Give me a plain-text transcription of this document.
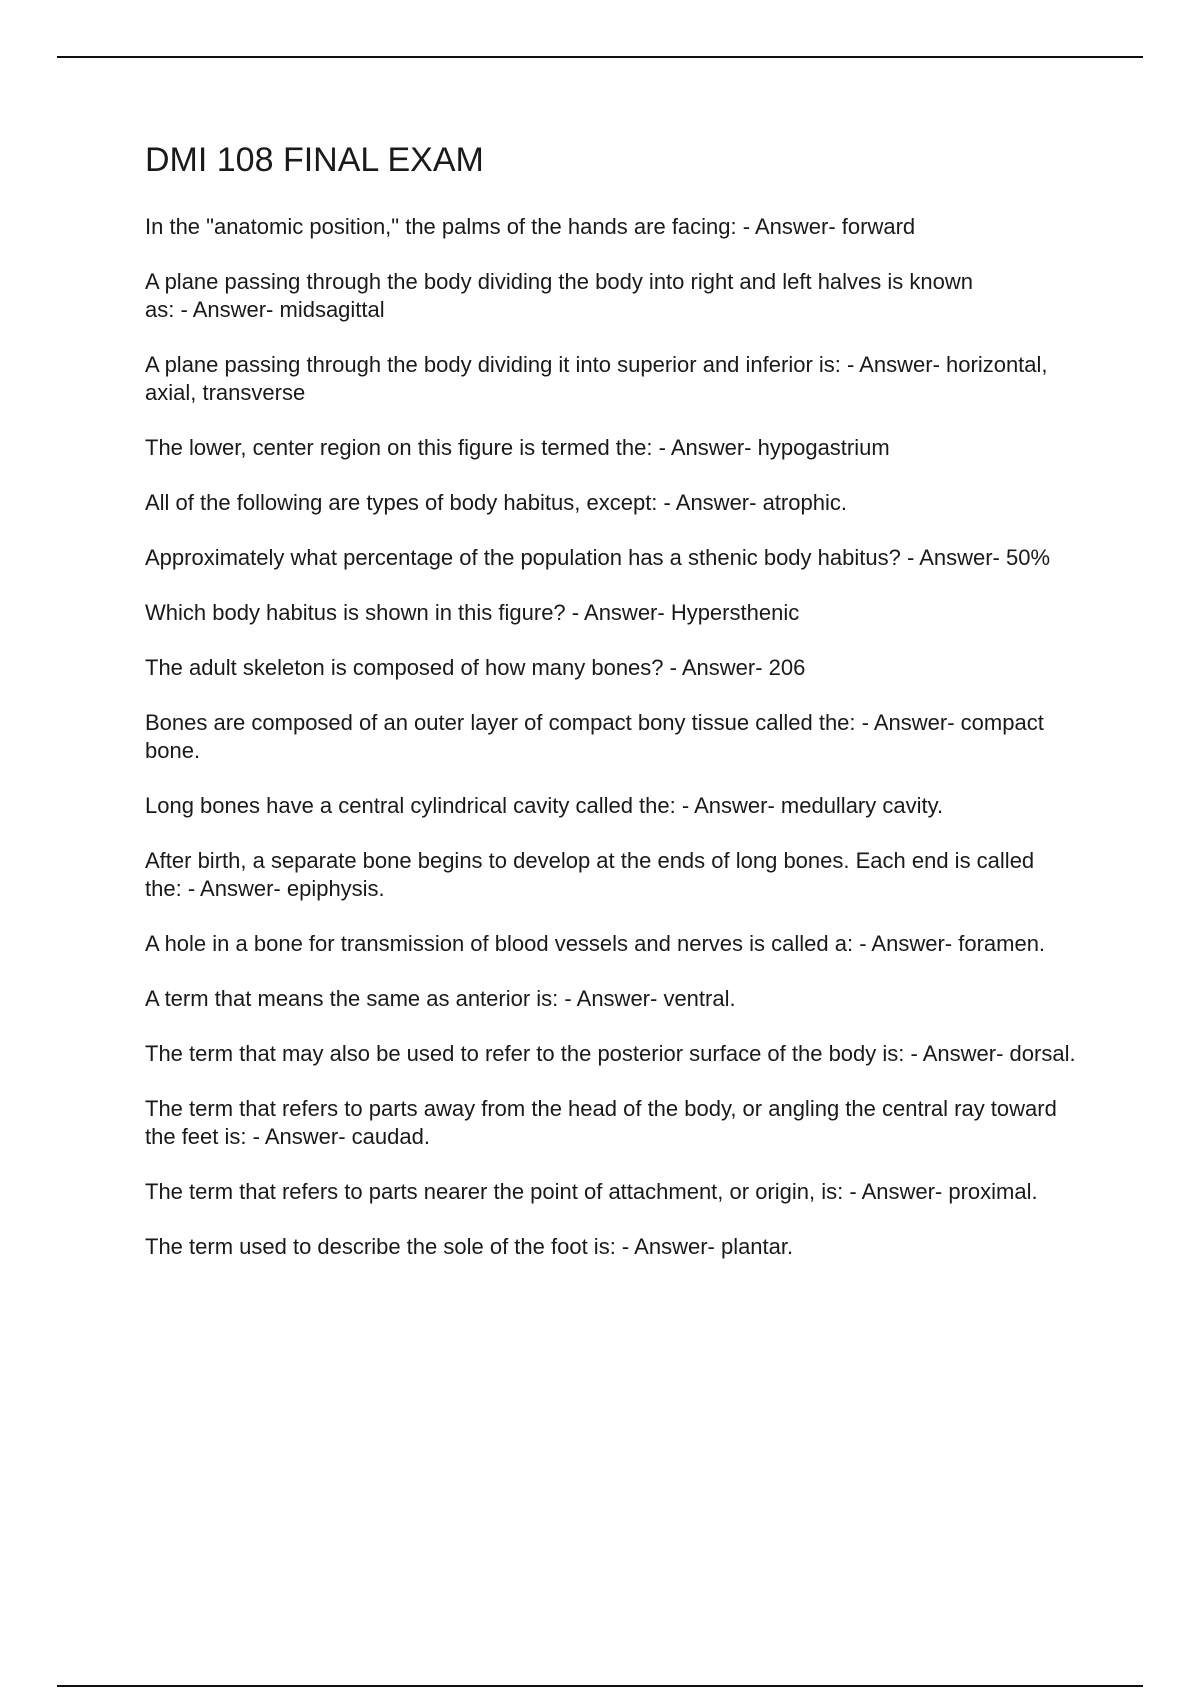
DMI 108 FINAL EXAM
In the "anatomic position," the palms of the hands are facing: - Answer- forward
A plane passing through the body dividing the body into right and left halves is known as: - Answer- midsagittal
A plane passing through the body dividing it into superior and inferior is: - Answer- horizontal, axial, transverse
The lower, center region on this figure is termed the: - Answer- hypogastrium
All of the following are types of body habitus, except: - Answer- atrophic.
Approximately what percentage of the population has a sthenic body habitus? - Answer- 50%
Which body habitus is shown in this figure? - Answer- Hypersthenic
The adult skeleton is composed of how many bones? - Answer- 206
Bones are composed of an outer layer of compact bony tissue called the: - Answer- compact bone.
Long bones have a central cylindrical cavity called the: - Answer- medullary cavity.
After birth, a separate bone begins to develop at the ends of long bones. Each end is called the: - Answer- epiphysis.
A hole in a bone for transmission of blood vessels and nerves is called a: - Answer- foramen.
A term that means the same as anterior is: - Answer- ventral.
The term that may also be used to refer to the posterior surface of the body is: - Answer- dorsal.
The term that refers to parts away from the head of the body, or angling the central ray toward the feet is: - Answer- caudad.
The term that refers to parts nearer the point of attachment, or origin, is: - Answer- proximal.
The term used to describe the sole of the foot is: - Answer- plantar.
